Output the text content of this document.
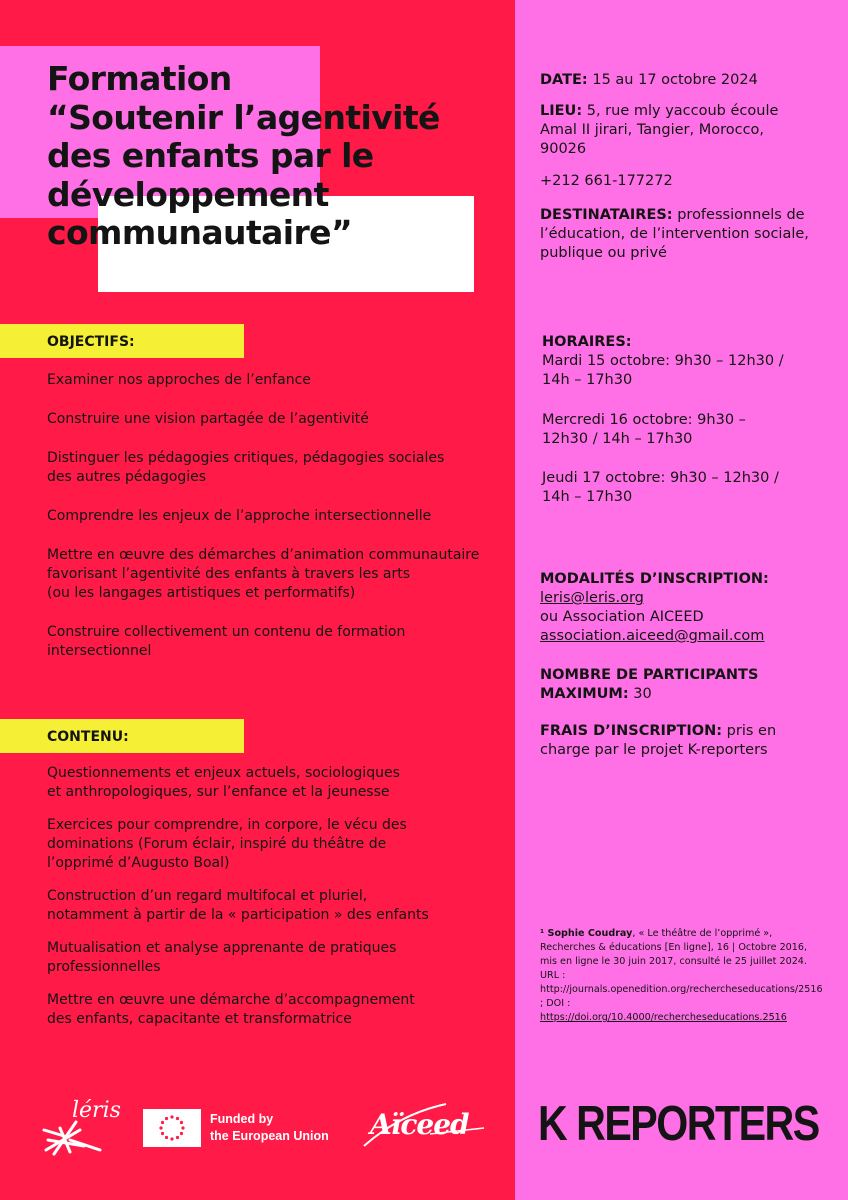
Formation
“Soutenir l’agentivité
des enfants par le
développement
communautaire”
OBJECTIFS:
Examiner nos approches de l’enfance
Construire une vision partagée de l’agentivité
Distinguer les pédagogies critiques, pédagogies sociales
des autres pédagogies
Comprendre les enjeux de l’approche intersectionnelle
Mettre en œuvre des démarches d’animation communautaire
favorisant l’agentivité des enfants à travers les arts
(ou les langages artistiques et performatifs)
Construire collectivement un contenu de formation
intersectionnel
CONTENU:
Questionnements et enjeux actuels, sociologiques
et anthropologiques, sur l’enfance et la jeunesse
Exercices pour comprendre, in corpore, le vécu des
dominations (Forum éclair, inspiré du théâtre de
l’opprimé d’Augusto Boal)
Construction d’un regard multifocal et pluriel,
notamment à partir de la « participation » des enfants
Mutualisation et analyse apprenante de pratiques
professionnelles
Mettre en œuvre une démarche d’accompagnement
des enfants, capacitante et transformatrice
DATE: 15 au 17 octobre 2024
LIEU: 5, rue mly yaccoub écoule
Amal II jirari, Tangier, Morocco,
90026
+212 661-177272
DESTINATAIRES: professionnels de
l’éducation, de l’intervention sociale,
publique ou privé
HORAIRES:
Mardi 15 octobre: 9h30 – 12h30 /
14h – 17h30
Mercredi 16 octobre: 9h30 –
12h30 / 14h – 17h30
Jeudi 17 octobre: 9h30 – 12h30 /
14h – 17h30
MODALITÉS D’INSCRIPTION:
leris@leris.org
ou Association AICEED
association.aiceed@gmail.com
NOMBRE DE PARTICIPANTS
MAXIMUM: 30
FRAIS D’INSCRIPTION: pris en
charge par le projet K-reporters
¹ Sophie Coudray, « Le théâtre de l’opprimé », Recherches & éducations [En ligne], 16 | Octobre 2016, mis en ligne le 30 juin 2017, consulté le 25 juillet 2024. URL : http://journals.openedition.org/rechercheseducations/2516 ; DOI : https://doi.org/10.4000/rechercheseducations.2516
léris	Funded by
the European Union Aïceed K REPORTERS
